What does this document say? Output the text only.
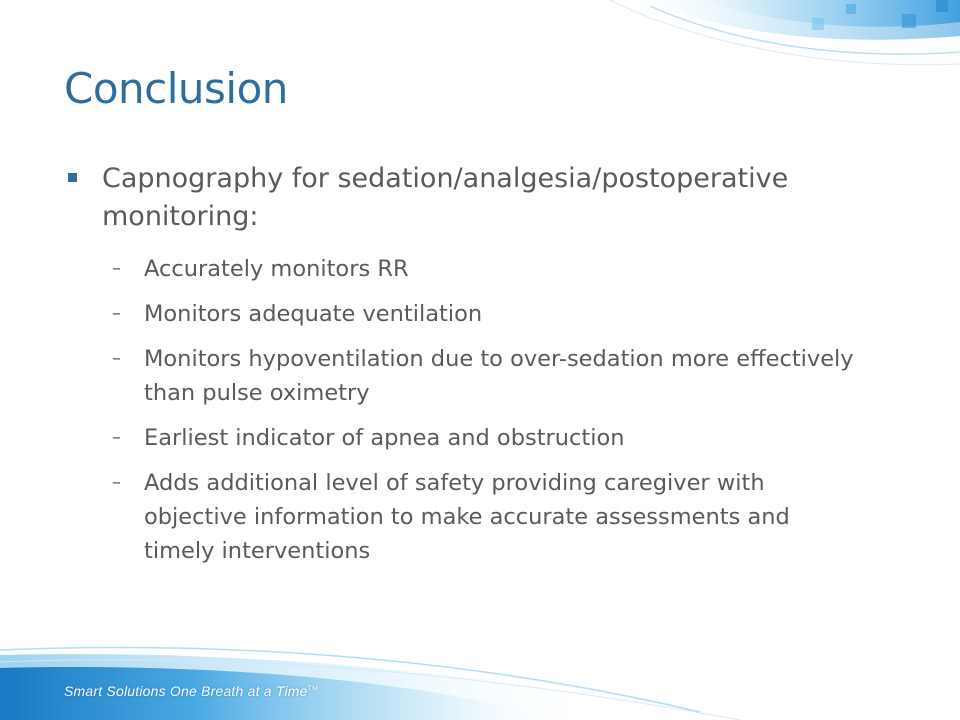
Conclusion
Capnography for sedation/analgesia/postoperative monitoring:
– Accurately monitors RR
– Monitors adequate ventilation
– Monitors hypoventilation due to over-sedation more effectively than pulse oximetry
– Earliest indicator of apnea and obstruction
– Adds additional level of safety providing caregiver with objective information to make accurate assessments and timely interventions
Smart Solutions One Breath at a Time™
